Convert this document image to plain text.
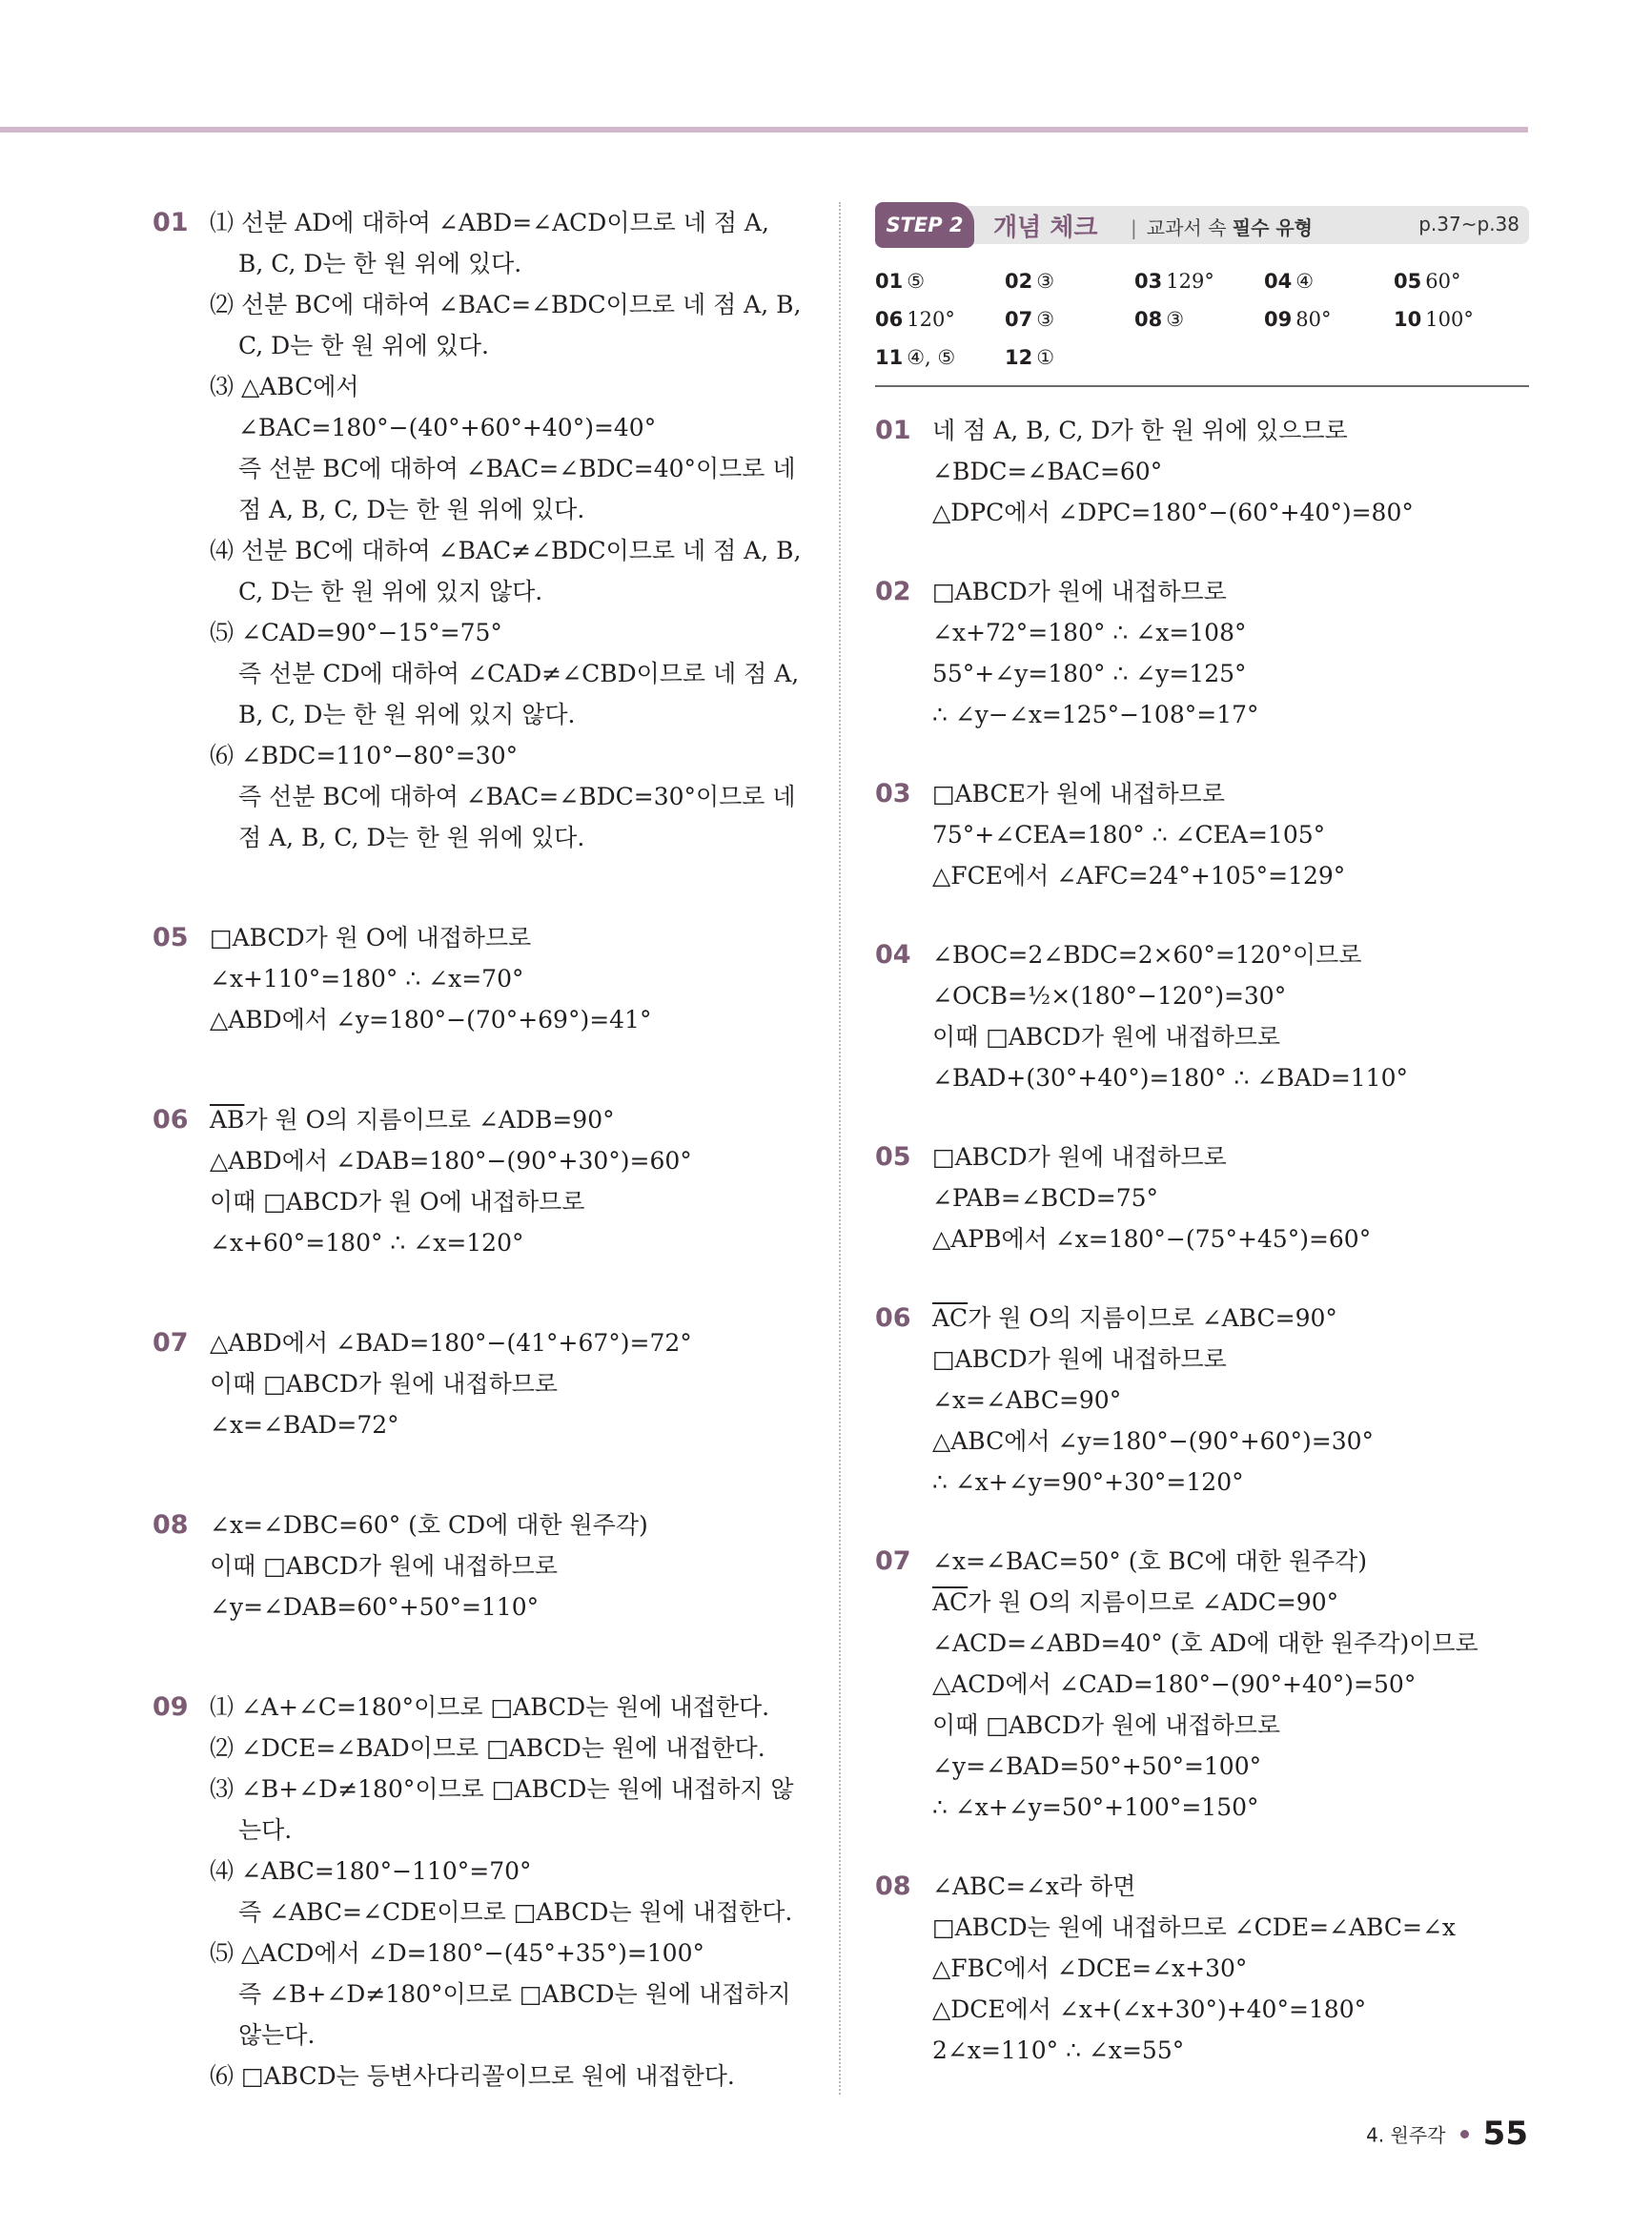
01 ⑴ 선분 AD에 대하여 ∠ABD=∠ACD이므로 네 점 A,
B, C, D는 한 원 위에 있다.
⑵ 선분 BC에 대하여 ∠BAC=∠BDC이므로 네 점 A, B,
C, D는 한 원 위에 있다.
⑶ △ABC에서
∠BAC=180°−(40°+60°+40°)=40°
즉 선분 BC에 대하여 ∠BAC=∠BDC=40°이므로 네
점 A, B, C, D는 한 원 위에 있다.
⑷ 선분 BC에 대하여 ∠BAC≠∠BDC이므로 네 점 A, B,
C, D는 한 원 위에 있지 않다.
⑸ ∠CAD=90°−15°=75°
즉 선분 CD에 대하여 ∠CAD≠∠CBD이므로 네 점 A,
B, C, D는 한 원 위에 있지 않다.
⑹ ∠BDC=110°−80°=30°
즉 선분 BC에 대하여 ∠BAC=∠BDC=30°이므로 네
점 A, B, C, D는 한 원 위에 있다.
05 □ABCD가 원 O에 내접하므로
∠x+110°=180° ∴ ∠x=70°
△ABD에서 ∠y=180°−(70°+69°)=41°
06 $\overline{AB}$가 원 O의 지름이므로 ∠ADB=90°
△ABD에서 ∠DAB=180°−(90°+30°)=60°
이때 □ABCD가 원 O에 내접하므로
∠x+60°=180° ∴ ∠x=120°
07 △ABD에서 ∠BAD=180°−(41°+67°)=72°
이때 □ABCD가 원에 내접하므로
∠x=∠BAD=72°
08 ∠x=∠DBC=60° (호 CD에 대한 원주각)
이때 □ABCD가 원에 내접하므로
∠y=∠DAB=60°+50°=110°
09 ⑴ ∠A+∠C=180°이므로 □ABCD는 원에 내접한다.
⑵ ∠DCE=∠BAD이므로 □ABCD는 원에 내접한다.
⑶ ∠B+∠D≠180°이므로 □ABCD는 원에 내접하지 않
는다.
⑷ ∠ABC=180°−110°=70°
즉 ∠ABC=∠CDE이므로 □ABCD는 원에 내접한다.
⑸ △ACD에서 ∠D=180°−(45°+35°)=100°
즉 ∠B+∠D≠180°이므로 □ABCD는 원에 내접하지
않는다.
⑹ □ABCD는 등변사다리꼴이므로 원에 내접한다.
STEP 2	개념 체크 | 교과서 속 필수 유형	p.37~p.38
01 ⑤	02 ③	03 129°	04 ④	05 60°
06 120°	07 ③	08 ③	09 80°	10 100°
11 ④, ⑤	12 ①
01 네 점 A, B, C, D가 한 원 위에 있으므로
∠BDC=∠BAC=60°
△DPC에서 ∠DPC=180°−(60°+40°)=80°
02 □ABCD가 원에 내접하므로
∠x+72°=180° ∴ ∠x=108°
55°+∠y=180° ∴ ∠y=125°
∴ ∠y−∠x=125°−108°=17°
03 □ABCE가 원에 내접하므로
75°+∠CEA=180° ∴ ∠CEA=105°
△FCE에서 ∠AFC=24°+105°=129°
04 ∠BOC=2∠BDC=2×60°=120°이므로
∠OCB=½×(180°−120°)=30°
이때 □ABCD가 원에 내접하므로
∠BAD+(30°+40°)=180° ∴ ∠BAD=110°
05 □ABCD가 원에 내접하므로
∠PAB=∠BCD=75°
△APB에서 ∠x=180°−(75°+45°)=60°
06 $\overline{AC}$가 원 O의 지름이므로 ∠ABC=90°
□ABCD가 원에 내접하므로
∠x=∠ABC=90°
△ABC에서 ∠y=180°−(90°+60°)=30°
∴ ∠x+∠y=90°+30°=120°
07 ∠x=∠BAC=50° (호 BC에 대한 원주각)
$\overline{AC}$가 원 O의 지름이므로 ∠ADC=90°
∠ACD=∠ABD=40° (호 AD에 대한 원주각)이므로
△ACD에서 ∠CAD=180°−(90°+40°)=50°
이때 □ABCD가 원에 내접하므로
∠y=∠BAD=50°+50°=100°
∴ ∠x+∠y=50°+100°=150°
08 ∠ABC=∠x라 하면
□ABCD는 원에 내접하므로 ∠CDE=∠ABC=∠x
△FBC에서 ∠DCE=∠x+30°
△DCE에서 ∠x+(∠x+30°)+40°=180°
2∠x=110° ∴ ∠x=55°
4. 원주각 55
